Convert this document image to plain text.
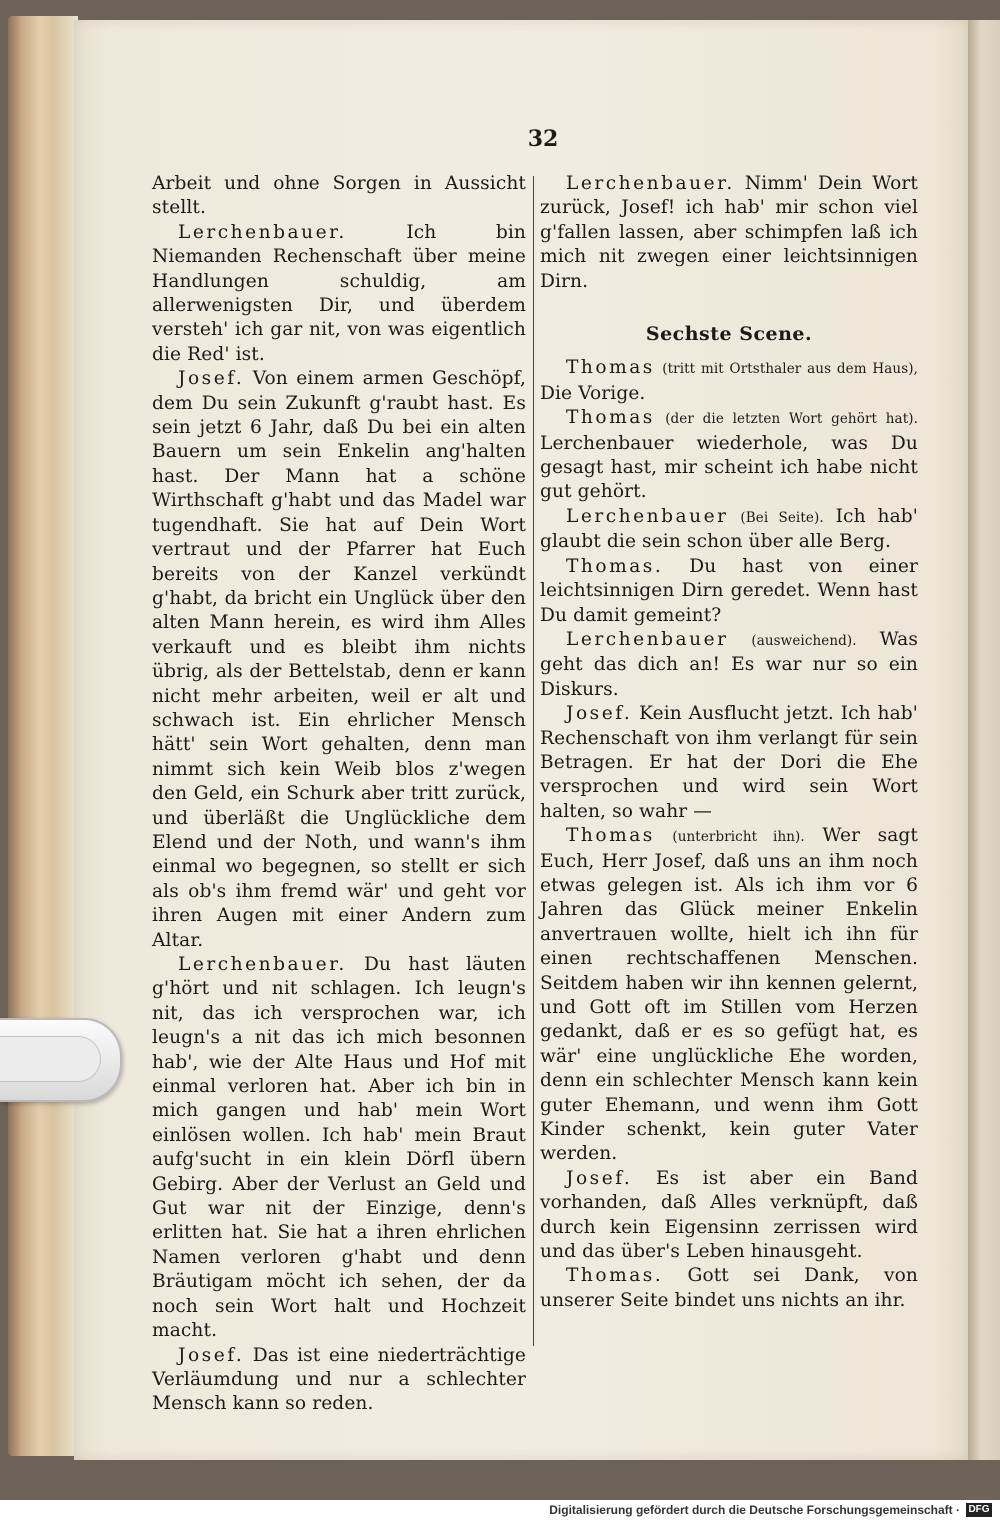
32

Arbeit und ohne Sorgen in Aussicht stellt.

Lerchenbauer.	Ich bin Niemanden Rechenschaft über meine Handlungen schuldig, am allerwenigsten Dir, und überdem versteh' ich gar nit, von was eigentlich die Red' ist.

Josef. Von einem armen Geschöpf, dem Du sein Zukunft g'raubt hast. Es sein jetzt 6 Jahr, daß Du bei ein alten Bauern um sein Enkelin ang'halten hast. Der Mann hat a schöne Wirthschaft g'habt und das Madel war tugendhaft. Sie hat auf Dein Wort vertraut und der Pfarrer hat Euch bereits von der Kanzel verkündt g'habt, da bricht ein Unglück über den alten Mann herein, es wird ihm Alles verkauft und es bleibt ihm nichts übrig, als der Bettelstab, denn er kann nicht mehr arbeiten, weil er alt und schwach ist. Ein ehrlicher Mensch hätt' sein Wort gehalten, denn man nimmt sich kein Weib blos z'wegen den Geld, ein Schurk aber tritt zurück, und überläßt die Unglückliche dem Elend und der Noth, und wann's ihm einmal wo begegnen, so stellt er sich als ob's ihm fremd wär' und geht vor ihren Augen mit einer Andern zum Altar.

Lerchenbauer. Du hast läuten g'hört und nit schlagen. Ich leugn's nit, das ich versprochen war, ich leugn's a nit das ich mich besonnen hab', wie der Alte Haus und Hof mit einmal verloren hat. Aber ich bin in mich gangen und hab' mein Wort einlösen wollen. Ich hab' mein Braut aufg'sucht in ein klein Dörfl übern Gebirg. Aber der Verlust an Geld und Gut war nit der Einzige, denn's erlitten hat. Sie hat a ihren ehrlichen Namen verloren g'habt und denn Bräutigam möcht ich sehen, der da noch sein Wort halt und Hochzeit macht.

Josef. Das ist eine niederträchtige Verläumdung und nur a schlechter Mensch kann so reden.

Lerchenbauer. Nimm' Dein Wort zurück, Josef! ich hab' mir schon viel g'fallen lassen, aber schimpfen laß ich mich nit zwegen einer leichtsinnigen Dirn.

Sechste Scene.

Thomas (tritt mit Ortsthaler aus dem Haus), Die Vorige.

Thomas (der die letzten Wort gehört hat). Lerchenbauer wiederhole, was Du gesagt hast, mir scheint ich habe nicht gut gehört.

Lerchenbauer (Bei Seite). Ich hab' glaubt die sein schon über alle Berg.

Thomas. Du hast von einer leichtsinnigen Dirn geredet. Wenn hast Du damit gemeint?

Lerchenbauer (ausweichend). Was geht das dich an! Es war nur so ein Diskurs.

Josef. Kein Ausflucht jetzt. Ich hab' Rechenschaft von ihm verlangt für sein Betragen. Er hat der Dori die Ehe versprochen und wird sein Wort halten, so wahr —

Thomas (unterbricht ihn). Wer sagt Euch, Herr Josef, daß uns an ihm noch etwas gelegen ist. Als ich ihm vor 6 Jahren das Glück meiner Enkelin anvertrauen wollte, hielt ich ihn für einen rechtschaffenen Menschen. Seitdem haben wir ihn kennen gelernt, und Gott oft im Stillen vom Herzen gedankt, daß er es so gefügt hat, es wär' eine unglückliche Ehe worden, denn ein schlechter Mensch kann kein guter Ehemann, und wenn ihm Gott Kinder schenkt, kein guter Vater werden.

Josef. Es ist aber ein Band vorhanden, daß Alles verknüpft, daß durch kein Eigensinn zerrissen wird und das über's Leben hinausgeht.

Thomas. Gott sei Dank, von unserer Seite bindet uns nichts an ihr.

Digitalisierung gefördert durch die Deutsche Forschungsgemeinschaft · DFG
